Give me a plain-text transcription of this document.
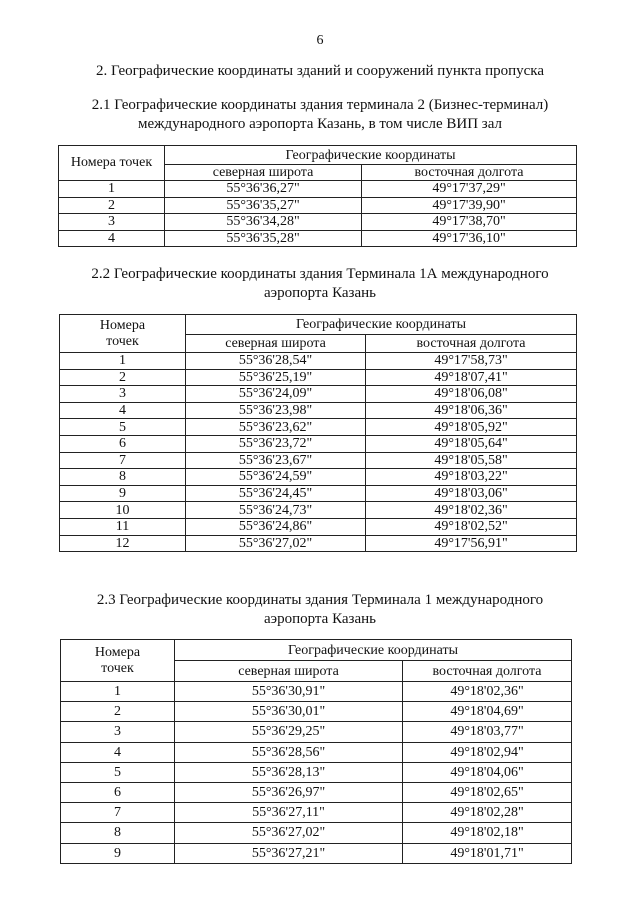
6
2. Географические координаты зданий и сооружений пункта пропуска
2.1 Географические координаты здания терминала 2 (Бизнес-терминал)
международного аэропорта Казань, в том числе ВИП зал
Номера точек	Географические координаты	
	северная широта	восточная долгота
1	55°36'36,27"	49°17'37,29"
2	55°36'35,27"	49°17'39,90"
3	55°36'34,28"	49°17'38,70"
4	55°36'35,28"	49°17'36,10"
2.2 Географические координаты здания Терминала 1А международного
аэропорта Казань
Номера точек	Географические координаты	
	северная широта	восточная долгота
1	55°36'28,54"	49°17'58,73"
2	55°36'25,19"	49°18'07,41"
3	55°36'24,09"	49°18'06,08"
4	55°36'23,98"	49°18'06,36"
5	55°36'23,62"	49°18'05,92"
6	55°36'23,72"	49°18'05,64"
7	55°36'23,67"	49°18'05,58"
8	55°36'24,59"	49°18'03,22"
9	55°36'24,45"	49°18'03,06"
10	55°36'24,73"	49°18'02,36"
11	55°36'24,86"	49°18'02,52"
12	55°36'27,02"	49°17'56,91"
2.3 Географические координаты здания Терминала 1 международного
аэропорта Казань
Номера точек	Географические координаты	
	северная широта	восточная долгота
1	55°36'30,91"	49°18'02,36"
2	55°36'30,01"	49°18'04,69"
3	55°36'29,25"	49°18'03,77"
4	55°36'28,56"	49°18'02,94"
5	55°36'28,13"	49°18'04,06"
6	55°36'26,97"	49°18'02,65"
7	55°36'27,11"	49°18'02,28"
8	55°36'27,02"	49°18'02,18"
9	55°36'27,21"	49°18'01,71"
